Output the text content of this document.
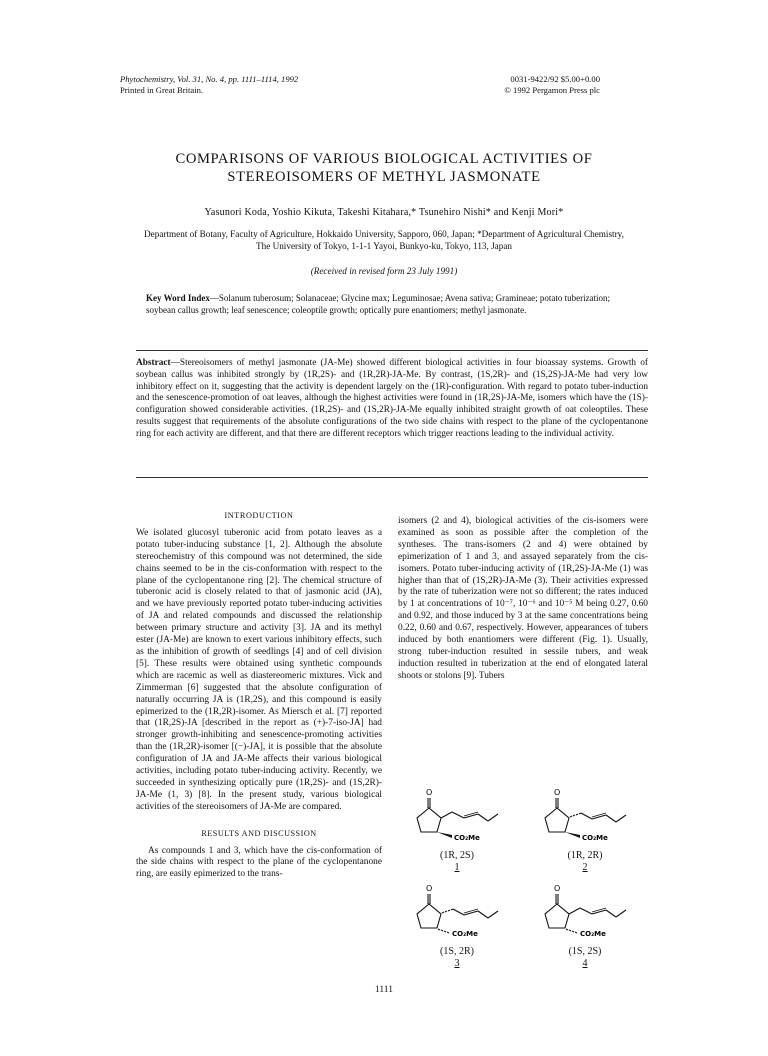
Phytochemistry, Vol. 31, No. 4, pp. 1111–1114, 1992
Printed in Great Britain.
0031-9422/92 $5.00+0.00
© 1992 Pergamon Press plc
COMPARISONS OF VARIOUS BIOLOGICAL ACTIVITIES OF
STEREOISOMERS OF METHYL JASMONATE
Yasunori Koda, Yoshio Kikuta, Takeshi Kitahara,* Tsunehiro Nishi* and Kenji Mori*
Department of Botany, Faculty of Agriculture, Hokkaido University, Sapporo, 060, Japan; *Department of Agricultural Chemistry,
The University of Tokyo, 1-1-1 Yayoi, Bunkyo-ku, Tokyo, 113, Japan
(Received in revised form 23 July 1991)
Key Word Index—Solanum tuberosum; Solanaceae; Glycine max; Leguminosae; Avena sativa; Gramineae; potato tuberization; soybean callus growth; leaf senescence; coleoptile growth; optically pure enantiomers; methyl jasmonate.
Abstract—Stereoisomers of methyl jasmonate (JA-Me) showed different biological activities in four bioassay systems. Growth of soybean callus was inhibited strongly by (1R,2S)- and (1R,2R)-JA-Me. By contrast, (1S,2R)- and (1S,2S)-JA-Me had very low inhibitory effect on it, suggesting that the activity is dependent largely on the (1R)-configuration. With regard to potato tuber-induction and the senescence-promotion of oat leaves, although the highest activities were found in (1R,2S)-JA-Me, isomers which have the (1S)-configuration showed considerable activities. (1R,2S)- and (1S,2R)-JA-Me equally inhibited straight growth of oat coleoptiles. These results suggest that requirements of the absolute configurations of the two side chains with respect to the plane of the cyclopentanone ring for each activity are different, and that there are different receptors which trigger reactions leading to the individual activity.
INTRODUCTION

We isolated glucosyl tuberonic acid from potato leaves as a potato tuber-inducing substance [1, 2]. Although the absolute stereochemistry of this compound was not determined, the side chains seemed to be in the cis-conformation with respect to the plane of the cyclopentanone ring [2]. The chemical structure of tuberonic acid is closely related to that of jasmonic acid (JA), and we have previously reported potato tuber-inducing activities of JA and related compounds and discussed the relationship between primary structure and activity [3]. JA and its methyl ester (JA-Me) are known to exert various inhibitory effects, such as the inhibition of growth of seedlings [4] and of cell division [5]. These results were obtained using synthetic compounds which are racemic as well as diastereomeric mixtures. Vick and Zimmerman [6] suggested that the absolute configuration of naturally occurring JA is (1R,2S), and this compound is easily epimerized to the (1R,2R)-isomer. As Miersch et al. [7] reported that (1R,2S)-JA [described in the report as (+)-7-iso-JA] had stronger growth-inhibiting and senescence-promoting activities than the (1R,2R)-isomer [(−)-JA], it is possible that the absolute configuration of JA and JA-Me affects their various biological activities, including potato tuber-inducing activity. Recently, we succeeded in synthesizing optically pure (1R,2S)- and (1S,2R)-JA-Me (1, 3) [8]. In the present study, various biological activities of the stereoisomers of JA-Me are compared.

RESULTS AND DISCUSSION

As compounds 1 and 3, which have the cis-conformation of the side chains with respect to the plane of the cyclopentanone ring, are easily epimerized to the trans-

isomers (2 and 4), biological activities of the cis-isomers were examined as soon as possible after the completion of the syntheses. The trans-isomers (2 and 4) were obtained by epimerization of 1 and 3, and assayed separately from the cis-isomers. Potato tuber-inducing activity of (1R,2S)-JA-Me (1) was higher than that of (1S,2R)-JA-Me (3). Their activities expressed by the rate of tuberization were not so different; the rates induced by 1 at concentrations of 10⁻⁷, 10⁻⁶ and 10⁻⁵ M being 0.27, 0.60 and 0.92, and those induced by 3 at the same concentrations being 0.22, 0.60 and 0.67, respectively. However, appearances of tubers induced by both enantiomers were different (Fig. 1). Usually, strong tuber-induction resulted in sessile tubers, and weak induction resulted in tuberization at the end of elongated lateral shoots or stolons [9]. Tubers

O
CO₂Me
(1R, 2S)
1
O
CO₂Me
(1R, 2R)
2
O
CO₂Me
(1S, 2R)
3
O
CO₂Me
(1S, 2S)
4
1111
